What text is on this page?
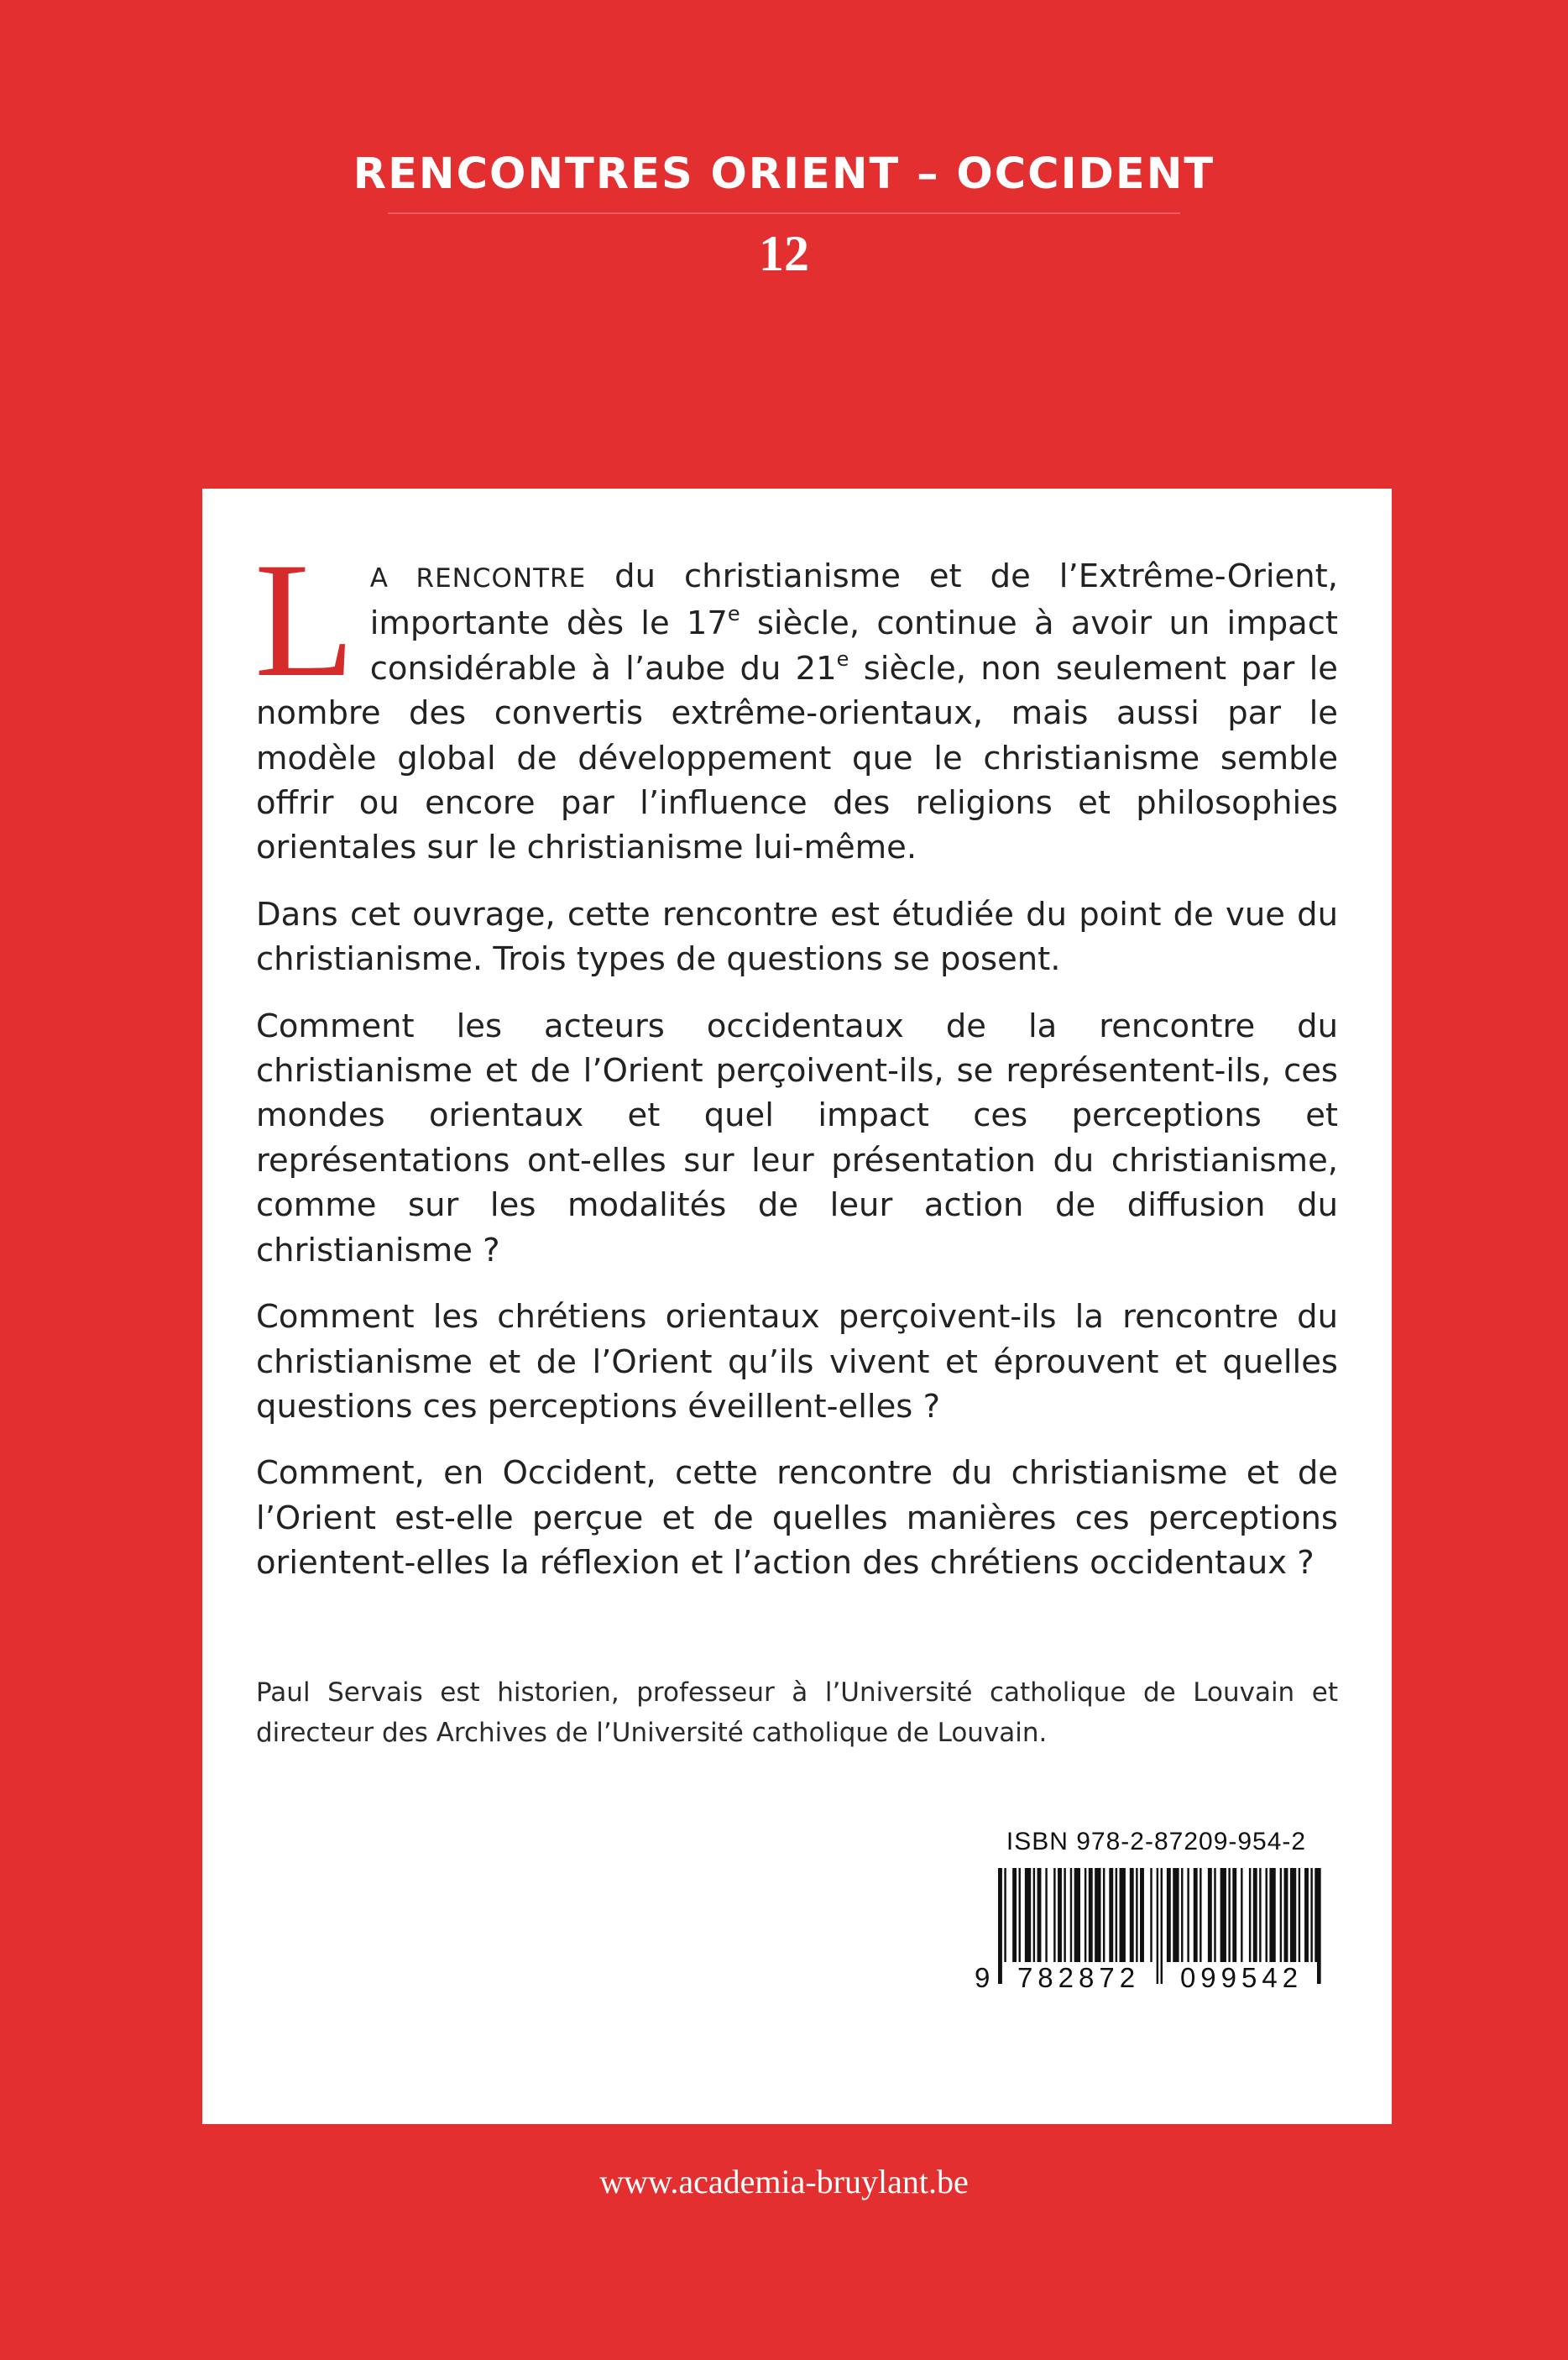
RENCONTRES ORIENT – OCCIDENT
12

L A RENCONTRE du christianisme et de l’Extrême-Orient, importante dès le 17e siècle, continue à avoir un impact considérable à l’aube du 21e siècle, non seulement par le nombre des convertis extrême-orientaux, mais aussi par le modèle global de développement que le christianisme semble offrir ou encore par l’influence des religions et philosophies orientales sur le christianisme lui-même.

Dans cet ouvrage, cette rencontre est étudiée du point de vue du christianisme. Trois types de questions se posent.

Comment les acteurs occidentaux de la rencontre du christianisme et de l’Orient perçoivent-ils, se représentent-ils, ces mondes orientaux et quel impact ces perceptions et représentations ont-elles sur leur présentation du christianisme, comme sur les modalités de leur action de diffusion du christianisme ?

Comment les chrétiens orientaux perçoivent-ils la rencontre du christianisme et de l’Orient qu’ils vivent et éprouvent et quelles questions ces perceptions éveillent-elles ?

Comment, en Occident, cette rencontre du christianisme et de l’Orient est-elle perçue et de quelles manières ces perceptions orientent-elles la réflexion et l’action des chrétiens occidentaux ?

Paul Servais est historien, professeur à l’Université catholique de Louvain et directeur des Archives de l’Université catholique de Louvain.
ISBN 978-2-87209-954-2
9 782872	099542
www.academia-bruylant.be
